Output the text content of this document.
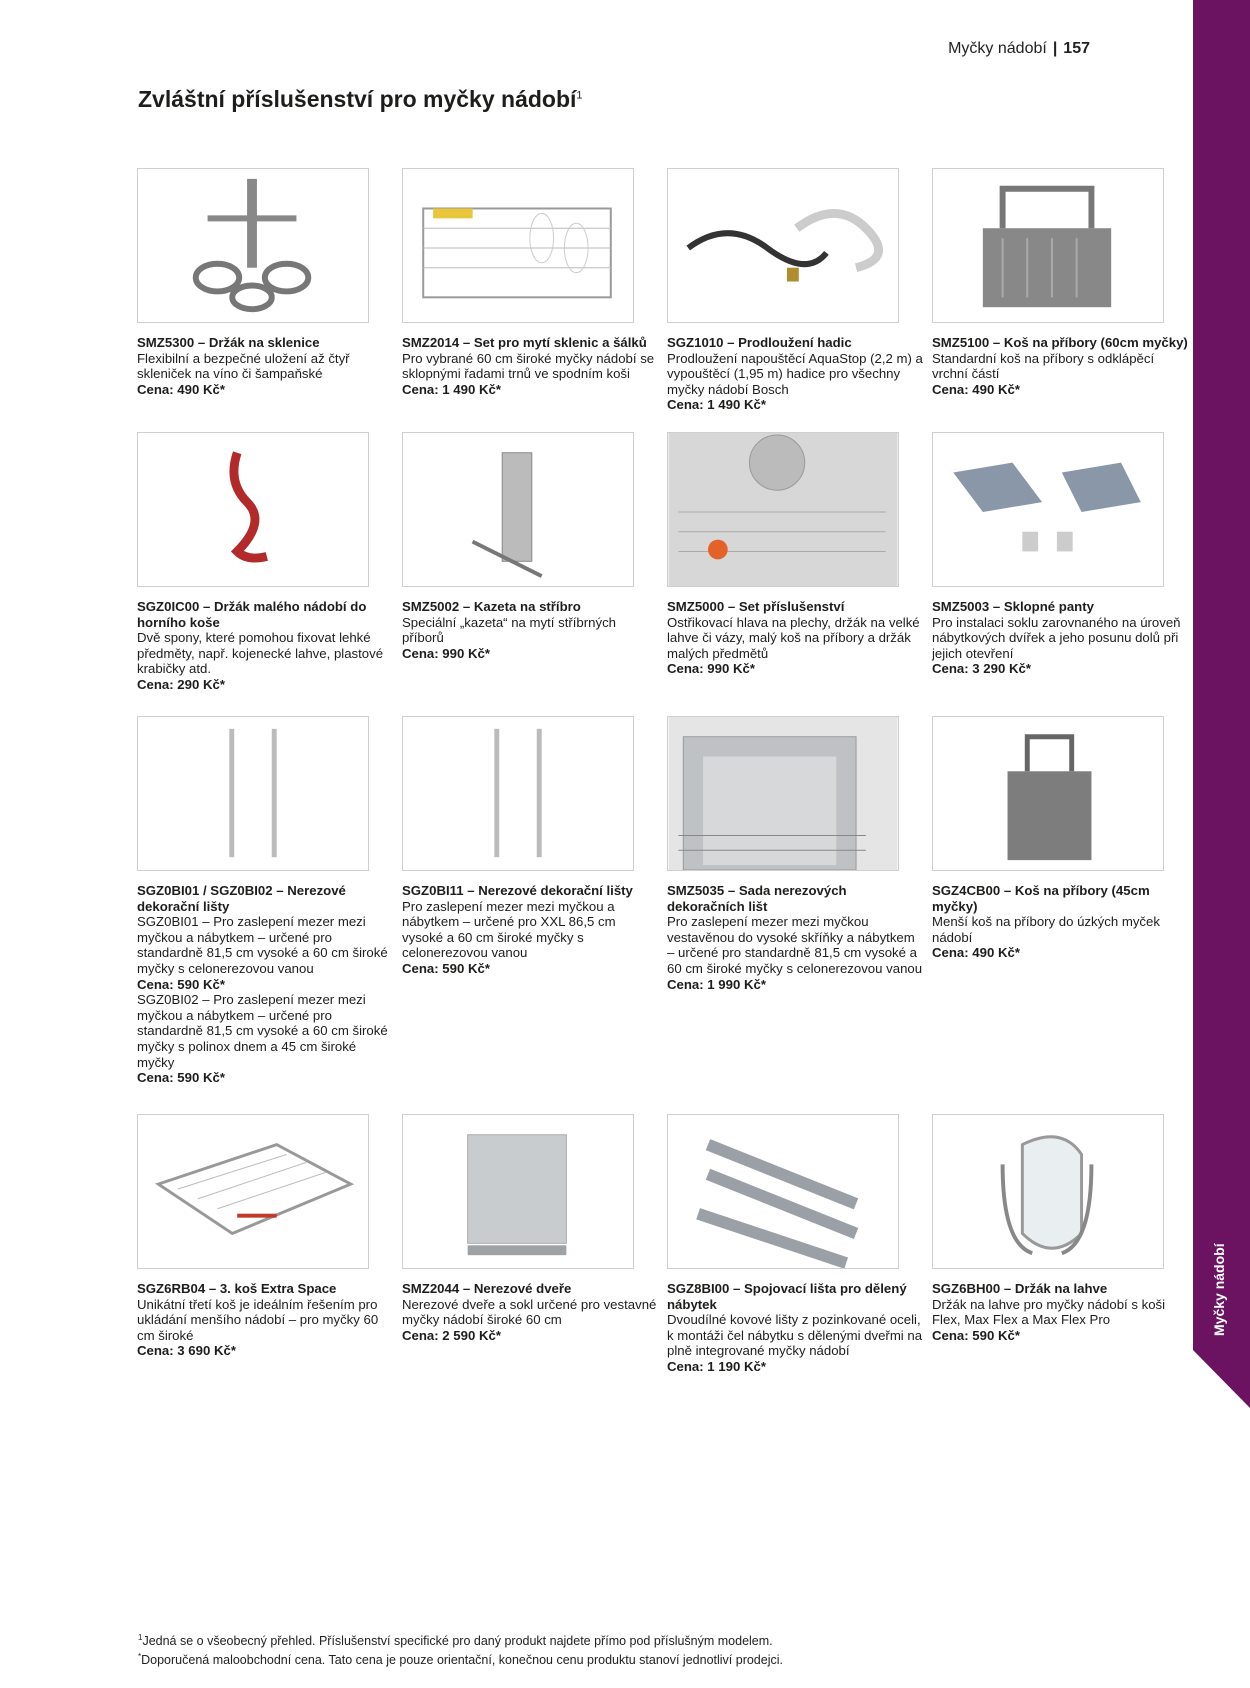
Myčky nádobí | 157
Zvláštní příslušenství pro myčky nádobí$^1$
Myčky nádobí
SMZ5300 – Držák na sklenice
Flexibilní a bezpečné uložení až čtyř skleniček na víno či šampaňské
Cena: 490 Kč*
SMZ2014 – Set pro mytí sklenic a šálků
Pro vybrané 60 cm široké myčky nádobí se sklopnými řadami trnů ve spodním koši
Cena: 1 490 Kč*
SGZ1010 – Prodloužení hadic
Prodloužení napouštěcí AquaStop (2,2 m) a vypouštěcí (1,95 m) hadice pro všechny myčky nádobí Bosch
Cena: 1 490 Kč*
SMZ5100 – Koš na příbory (60cm myčky)
Standardní koš na příbory s odklápěcí vrchní částí
Cena: 490 Kč*
SGZ0IC00 – Držák malého nádobí do horního koše
Dvě spony, které pomohou fixovat lehké předměty, např. kojenecké lahve, plastové krabičky atd.
Cena: 290 Kč*
SMZ5002 – Kazeta na stříbro
Speciální „kazeta“ na mytí stříbrných příborů
Cena: 990 Kč*
SMZ5000 – Set příslušenství
Ostřikovací hlava na plechy, držák na velké lahve či vázy, malý koš na příbory a držák malých předmětů
Cena: 990 Kč*
SMZ5003 – Sklopné panty
Pro instalaci soklu zarovnaného na úroveň nábytkových dvířek a jeho posunu dolů při jejich otevření
Cena: 3 290 Kč*
SGZ0BI01 / SGZ0BI02 – Nerezové dekorační lišty
SGZ0BI01 – Pro zaslepení mezer mezi myčkou a nábytkem – určené pro standardně 81,5 cm vysoké a 60 cm široké myčky s celonerezovou vanou
Cena: 590 Kč*
SGZ0BI02 – Pro zaslepení mezer mezi myčkou a nábytkem – určené pro standardně 81,5 cm vysoké a 60 cm široké myčky s polinox dnem a 45 cm široké myčky
Cena: 590 Kč*
SGZ0BI11 – Nerezové dekorační lišty
Pro zaslepení mezer mezi myčkou a nábytkem – určené pro XXL 86,5 cm vysoké a 60 cm široké myčky s celonerezovou vanou
Cena: 590 Kč*
SMZ5035 – Sada nerezových dekoračních lišt
Pro zaslepení mezer mezi myčkou vestavěnou do vysoké skříňky a nábytkem – určené pro standardně 81,5 cm vysoké a 60 cm široké myčky s celonerezovou vanou
Cena: 1 990 Kč*
SGZ4CB00 – Koš na příbory (45cm myčky)
Menší koš na příbory do úzkých myček nádobí
Cena: 490 Kč*
SGZ6RB04 – 3. koš Extra Space
Unikátní třetí koš je ideálním řešením pro ukládání menšího nádobí – pro myčky 60 cm široké
Cena: 3 690 Kč*
SMZ2044 – Nerezové dveře
Nerezové dveře a sokl určené pro vestavné myčky nádobí široké 60 cm
Cena: 2 590 Kč*
SGZ8BI00 – Spojovací lišta pro dělený nábytek
Dvoudílné kovové lišty z pozinkované oceli, k montáži čel nábytku s dělenými dveřmi na plně integrované myčky nádobí
Cena: 1 190 Kč*
SGZ6BH00 – Držák na lahve
Držák na lahve pro myčky nádobí s koši Flex, Max Flex a Max Flex Pro
Cena: 590 Kč*
$^1$Jedná se o všeobecný přehled. Příslušenství specifické pro daný produkt najdete přímo pod příslušným modelem.
*Doporučená maloobchodní cena. Tato cena je pouze orientační, konečnou cenu produktu stanoví jednotliví prodejci.
